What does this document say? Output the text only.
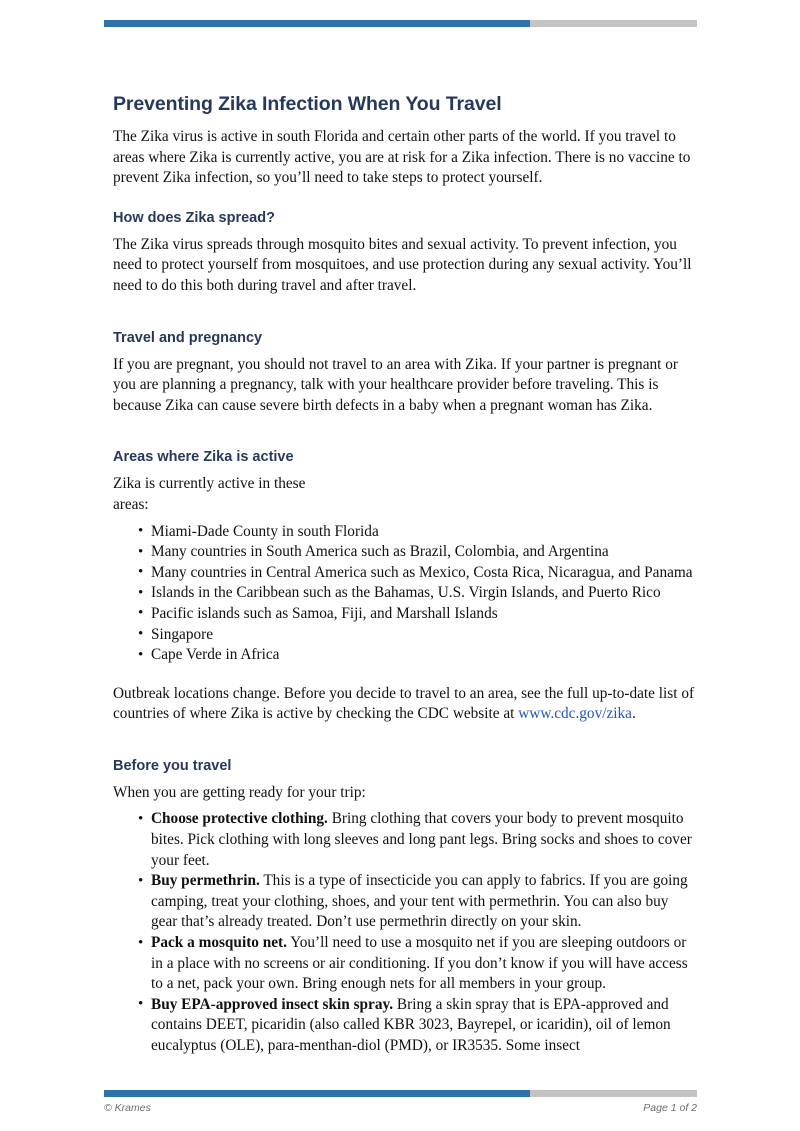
Preventing Zika Infection When You Travel

The Zika virus is active in south Florida and certain other parts of the world. If you travel to areas where Zika is currently active, you are at risk for a Zika infection. There is no vaccine to prevent Zika infection, so you’ll need to take steps to protect yourself.

How does Zika spread?

The Zika virus spreads through mosquito bites and sexual activity. To prevent infection, you need to protect yourself from mosquitoes, and use protection during any sexual activity. You’ll need to do this both during travel and after travel.

Travel and pregnancy

If you are pregnant, you should not travel to an area with Zika. If your partner is pregnant or you are planning a pregnancy, talk with your healthcare provider before traveling. This is because Zika can cause severe birth defects in a baby when a pregnant woman has Zika.

Areas where Zika is active

Zika is currently active in these areas:

• Miami-Dade County in south Florida
• Many countries in South America such as Brazil, Colombia, and Argentina
• Many countries in Central America such as Mexico, Costa Rica, Nicaragua, and Panama
• Islands in the Caribbean such as the Bahamas, U.S. Virgin Islands, and Puerto Rico
• Pacific islands such as Samoa, Fiji, and Marshall Islands
• Singapore
• Cape Verde in Africa

Outbreak locations change. Before you decide to travel to an area, see the full up-to-date list of countries of where Zika is active by checking the CDC website at www.cdc.gov/zika.

Before you travel

When you are getting ready for your trip:

• Choose protective clothing. Bring clothing that covers your body to prevent mosquito bites. Pick clothing with long sleeves and long pant legs. Bring socks and shoes to cover your feet.
• Buy permethrin. This is a type of insecticide you can apply to fabrics. If you are going camping, treat your clothing, shoes, and your tent with permethrin. You can also buy gear that’s already treated. Don’t use permethrin directly on your skin.
• Pack a mosquito net. You’ll need to use a mosquito net if you are sleeping outdoors or in a place with no screens or air conditioning. If you don’t know if you will have access to a net, pack your own. Bring enough nets for all members in your group.
• Buy EPA-approved insect skin spray. Bring a skin spray that is EPA-approved and contains DEET, picaridin (also called KBR 3023, Bayrepel, or icaridin), oil of lemon eucalyptus (OLE), para-menthan-diol (PMD), or IR3535. Some insect
© Krames	Page 1 of 2
